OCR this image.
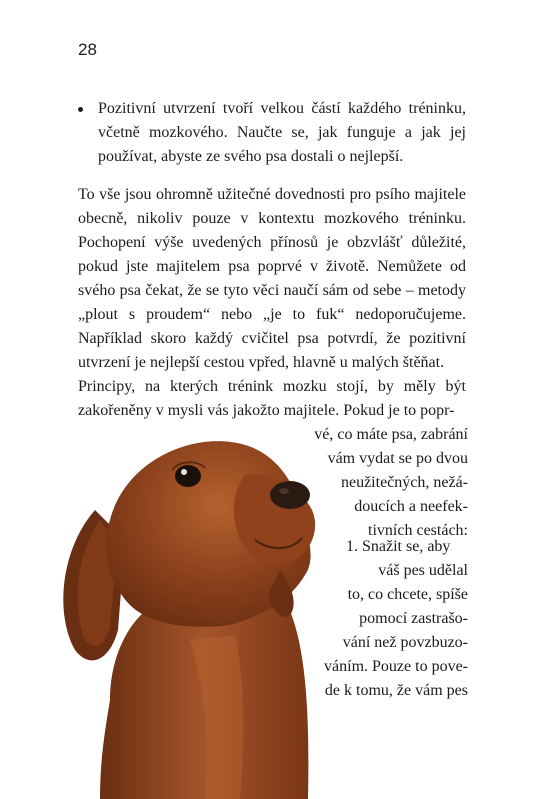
28
Pozitivní utvrzení tvoří velkou částí každého tréninku, včetně mozkového. Naučte se, jak funguje a jak jej používat, abyste ze svého psa dostali o nejlepší.

To vše jsou ohromně užitečné dovednosti pro psího majitele obecně, nikoliv pouze v kontextu mozkového tréninku. Pochopení výše uvedených přínosů je obzvlášť důležité, pokud jste majitelem psa poprvé v životě. Nemůžete od svého psa čekat, že se tyto věci naučí sám od sebe – metody „plout s proudem“ nebo „je to fuk“ nedoporučujeme. Například skoro každý cvičitel psa potvrdí, že pozitivní utvrzení je nejlepší cestou vpřed, hlavně u malých štěňat.

Principy, na kterých trénink mozku stojí, by měly být zakořeněny v mysli vás jakožto majitele. Pokud je to popr-

vé, co máte psa, zabrání
vám vydat se po dvou
neužitečných, nežá-
doucích a neefek-
tivních cestách:
1. Snažit se, aby
váš pes udělal
to, co chcete, spíše
pomocí zastrašo-
vání než povzbuzo-
váním. Pouze to pove-
de k tomu, že vám pes
